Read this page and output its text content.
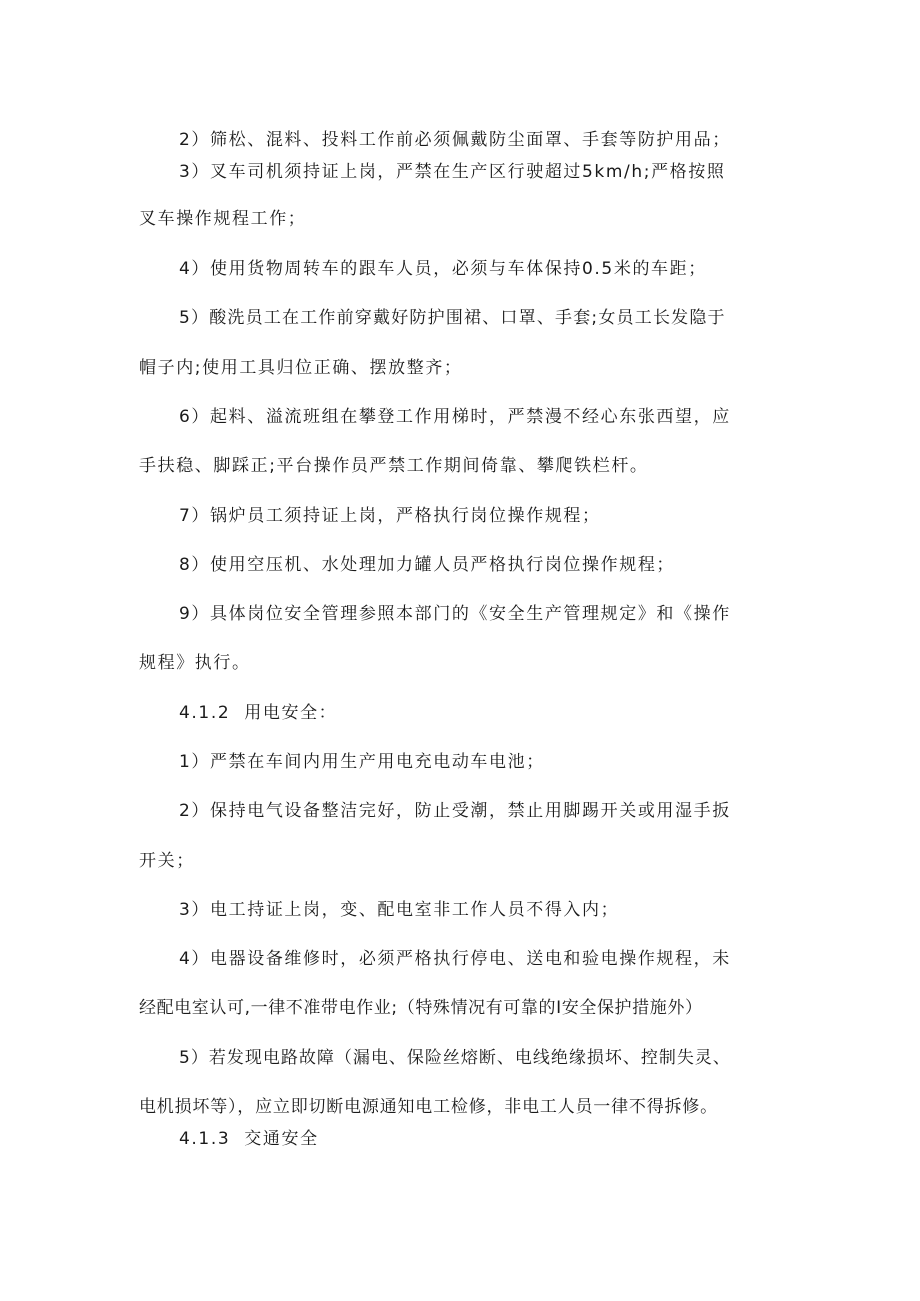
2）筛松、混料、投料工作前必须佩戴防尘面罩、手套等防护用品；
3）叉车司机须持证上岗，严禁在生产区行驶超过5km/h;严格按照
叉车操作规程工作；
4）使用货物周转车的跟车人员，必须与车体保持0.5米的车距；
5）酸洗员工在工作前穿戴好防护围裙、口罩、手套;女员工长发隐于
帽子内;使用工具归位正确、摆放整齐；
6）起料、溢流班组在攀登工作用梯时，严禁漫不经心东张西望，应
手扶稳、脚踩正;平台操作员严禁工作期间倚靠、攀爬铁栏杆。
7）锅炉员工须持证上岗，严格执行岗位操作规程；
8）使用空压机、水处理加力罐人员严格执行岗位操作规程；
9）具体岗位安全管理参照本部门的《安全生产管理规定》和《操作
规程》执行。
4.1.2  用电安全：
1）严禁在车间内用生产用电充电动车电池；
2）保持电气设备整洁完好，防止受潮，禁止用脚踢开关或用湿手扳
开关；
3）电工持证上岗，变、配电室非工作人员不得入内；
4）电器设备维修时，必须严格执行停电、送电和验电操作规程，未
经配电室认可,一律不准带电作业;（特殊情况有可靠的I安全保护措施外）
5）若发现电路故障（漏电、保险丝熔断、电线绝缘损坏、控制失灵、
电机损坏等），应立即切断电源通知电工检修，非电工人员一律不得拆修。
4.1.3  交通安全
